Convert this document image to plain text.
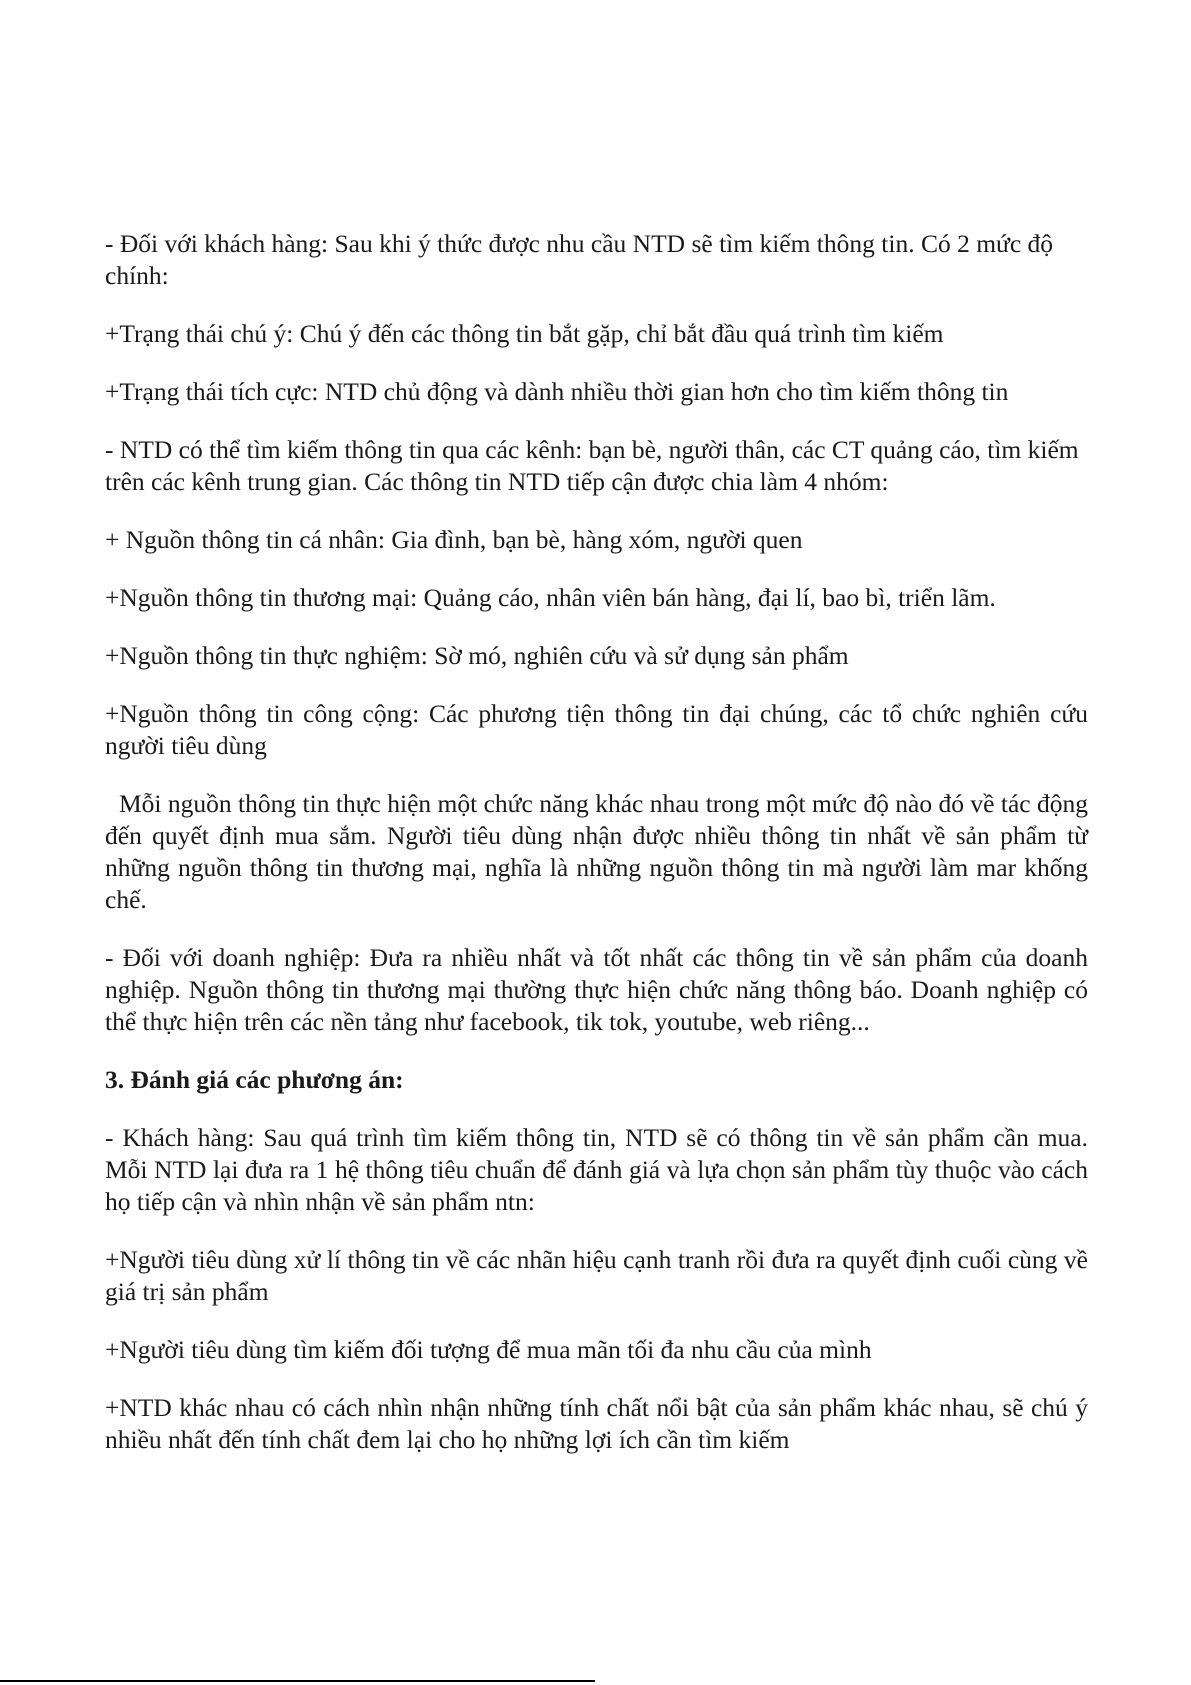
- Đối với khách hàng: Sau khi ý thức được nhu cầu NTD sẽ tìm kiếm thông tin. Có 2 mức độ chính:

+Trạng thái chú ý: Chú ý đến các thông tin bắt gặp, chỉ bắt đầu quá trình tìm kiếm

+Trạng thái tích cực: NTD chủ động và dành nhiều thời gian hơn cho tìm kiếm thông tin

- NTD có thể tìm kiếm thông tin qua các kênh: bạn bè, người thân, các CT quảng cáo, tìm kiếm trên các kênh trung gian. Các thông tin NTD tiếp cận được chia làm 4 nhóm:

+ Nguồn thông tin cá nhân: Gia đình, bạn bè, hàng xóm, người quen

+Nguồn thông tin thương mại: Quảng cáo, nhân viên bán hàng, đại lí, bao bì, triển lãm.

+Nguồn thông tin thực nghiệm: Sờ mó, nghiên cứu và sử dụng sản phẩm

+Nguồn thông tin công cộng: Các phương tiện thông tin đại chúng, các tổ chức nghiên cứu người tiêu dùng

Mỗi nguồn thông tin thực hiện một chức năng khác nhau trong một mức độ nào đó về tác động đến quyết định mua sắm. Người tiêu dùng nhận được nhiều thông tin nhất về sản phẩm từ những nguồn thông tin thương mại, nghĩa là những nguồn thông tin mà người làm mar khống chế.

- Đối với doanh nghiệp: Đưa ra nhiều nhất và tốt nhất các thông tin về sản phẩm của doanh nghiệp. Nguồn thông tin thương mại thường thực hiện chức năng thông báo. Doanh nghiệp có thể thực hiện trên các nền tảng như facebook, tik tok, youtube, web riêng...

3. Đánh giá các phương án:

- Khách hàng: Sau quá trình tìm kiếm thông tin, NTD sẽ có thông tin về sản phẩm cần mua. Mỗi NTD lại đưa ra 1 hệ thông tiêu chuẩn để đánh giá và lựa chọn sản phẩm tùy thuộc vào cách họ tiếp cận và nhìn nhận về sản phẩm ntn:

+Người tiêu dùng xử lí thông tin về các nhãn hiệu cạnh tranh rồi đưa ra quyết định cuối cùng về giá trị sản phẩm

+Người tiêu dùng tìm kiếm đối tượng để mua mãn tối đa nhu cầu của mình

+NTD khác nhau có cách nhìn nhận những tính chất nổi bật của sản phẩm khác nhau, sẽ chú ý nhiều nhất đến tính chất đem lại cho họ những lợi ích cần tìm kiếm
